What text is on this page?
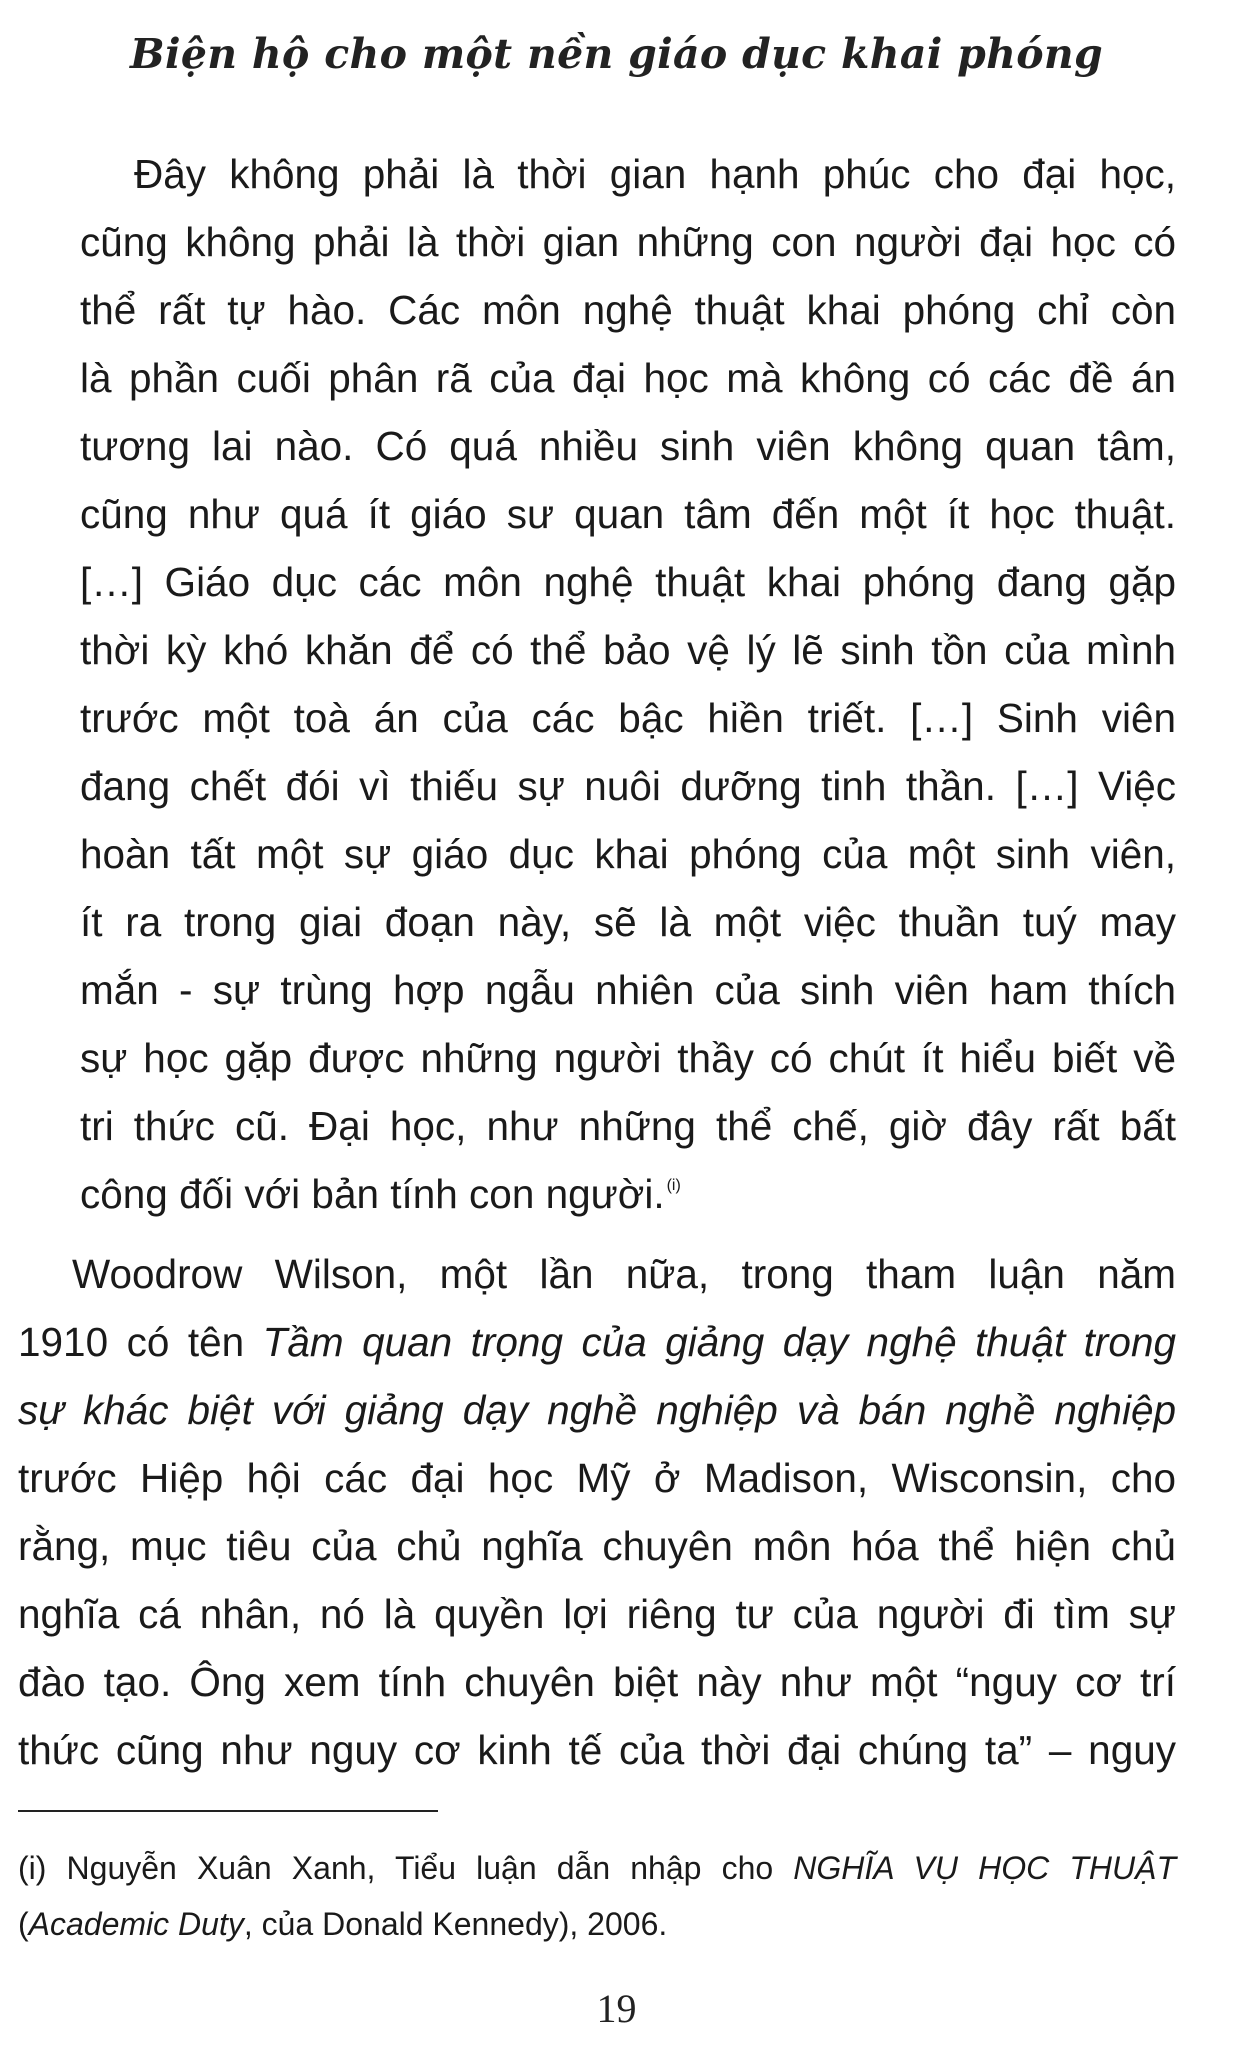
Biện hộ cho một nền giáo dục khai phóng
Đây không phải là thời gian hạnh phúc cho đại học,
cũng không phải là thời gian những con người đại học có
thể rất tự hào. Các môn nghệ thuật khai phóng chỉ còn
là phần cuối phân rã của đại học mà không có các đề án
tương lai nào. Có quá nhiều sinh viên không quan tâm,
cũng như quá ít giáo sư quan tâm đến một ít học thuật.
[…] Giáo dục các môn nghệ thuật khai phóng đang gặp
thời kỳ khó khăn để có thể bảo vệ lý lẽ sinh tồn của mình
trước một toà án của các bậc hiền triết. […] Sinh viên
đang chết đói vì thiếu sự nuôi dưỡng tinh thần. […] Việc
hoàn tất một sự giáo dục khai phóng của một sinh viên,
ít ra trong giai đoạn này, sẽ là một việc thuần tuý may
mắn - sự trùng hợp ngẫu nhiên của sinh viên ham thích
sự học gặp được những người thầy có chút ít hiểu biết về
tri thức cũ. Đại học, như những thể chế, giờ đây rất bất
công đối với bản tính con người. $^{(i)}$
Woodrow Wilson, một lần nữa, trong tham luận năm
1910 có tên Tầm quan trọng của giảng dạy nghệ thuật trong
sự khác biệt với giảng dạy nghề nghiệp và bán nghề nghiệp
trước Hiệp hội các đại học Mỹ ở Madison, Wisconsin, cho
rằng, mục tiêu của chủ nghĩa chuyên môn hóa thể hiện chủ
nghĩa cá nhân, nó là quyền lợi riêng tư của người đi tìm sự
đào tạo. Ông xem tính chuyên biệt này như một “nguy cơ trí
thức cũng như nguy cơ kinh tế của thời đại chúng ta” – nguy
(i) Nguyễn Xuân Xanh, Tiểu luận dẫn nhập cho NGHĨA VỤ HỌC THUẬT
(Academic Duty, của Donald Kennedy), 2006.
19
